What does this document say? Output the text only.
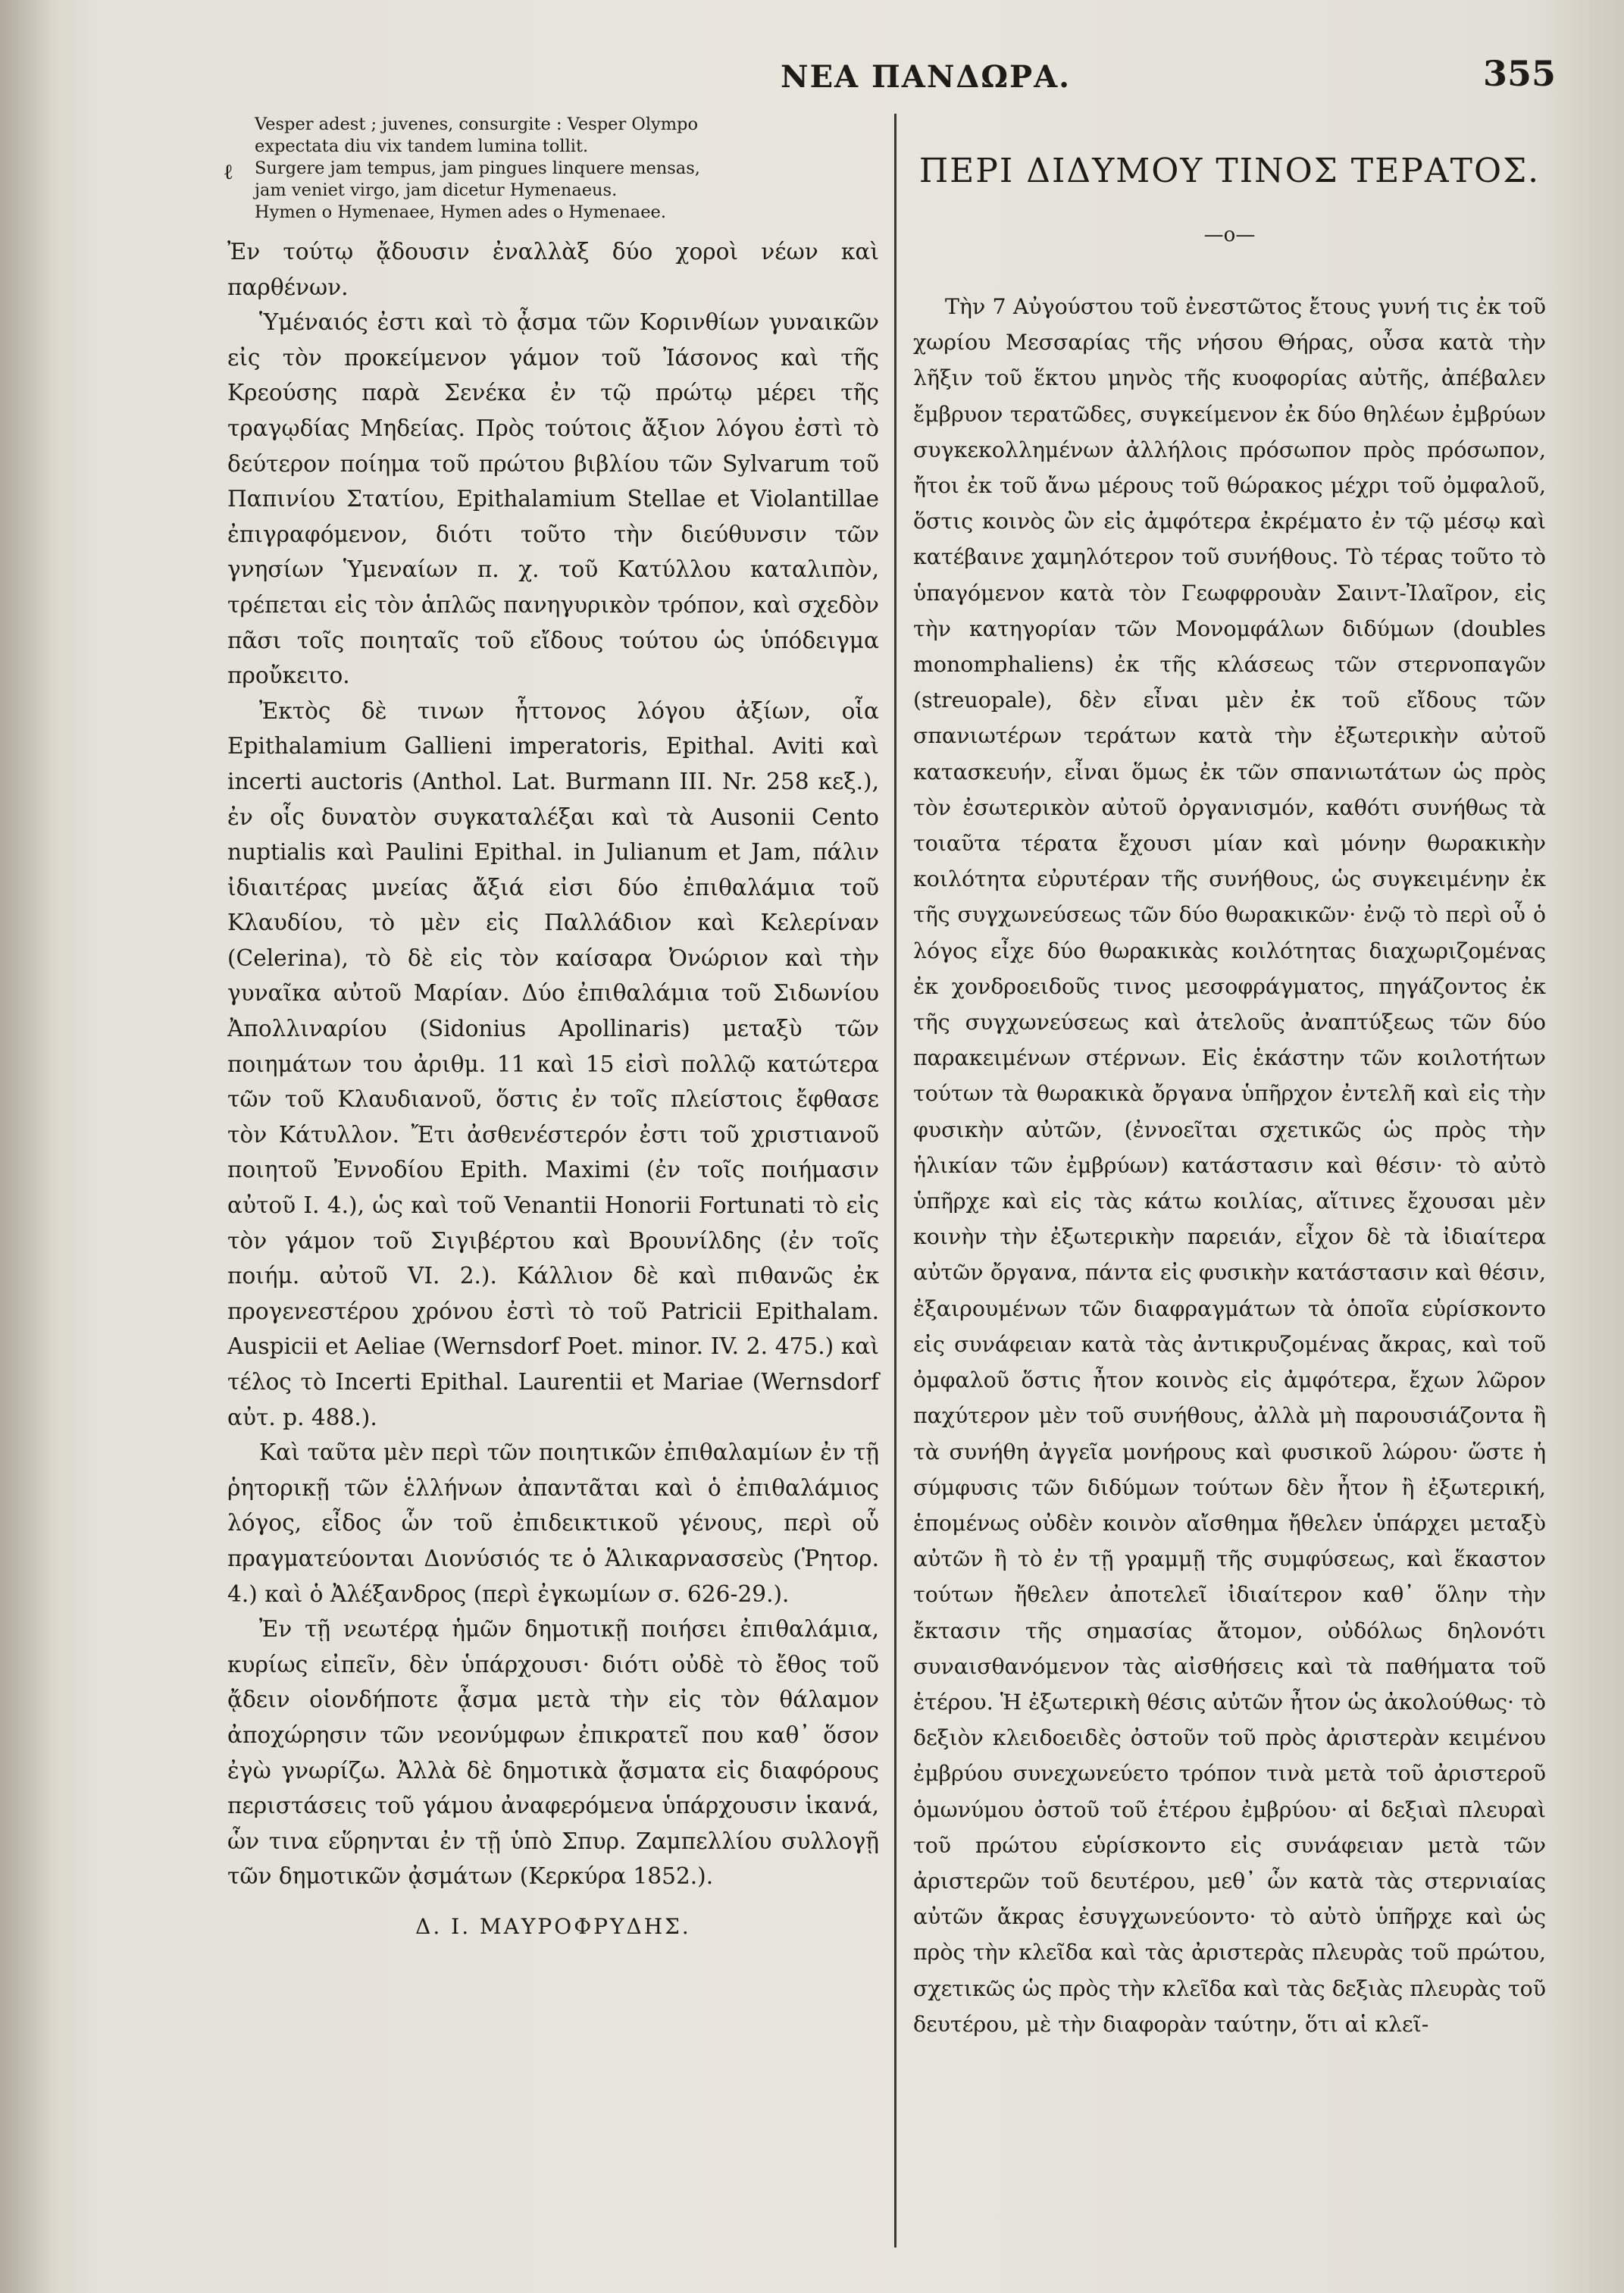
ΝΕΑ ΠΑΝΔΩΡΑ.	355
ℓ
Vesper adest ; juvenes, consurgite : Vesper Olympo
expectata diu vix tandem lumina tollit.
Surgere jam tempus, jam pingues linquere mensas,
jam veniet virgo, jam dicetur Hymenaeus.
Hymen o Hymenaee, Hymen ades o Hymenaee.

Ἐν τούτῳ ᾄδουσιν ἐναλλὰξ δύο χοροὶ νέων καὶ παρθένων.

Ὑμέναιός ἐστι καὶ τὸ ᾆσμα τῶν Κορινθίων γυναικῶν εἰς τὸν προκείμενον γάμον τοῦ Ἰάσονος καὶ τῆς Κρεούσης παρὰ Σενέκα ἐν τῷ πρώτῳ μέρει τῆς τραγῳδίας Μηδείας. Πρὸς τούτοις ἄξιον λόγου ἐστὶ τὸ δεύτερον ποίημα τοῦ πρώτου βιβλίου τῶν Sylvarum τοῦ Παπινίου Στατίου, Epithalamium Stellae et Violantillae ἐπιγραφόμενον, διότι τοῦτο τὴν διεύθυνσιν τῶν γνησίων Ὑμεναίων π. χ. τοῦ Κατύλλου καταλιπὸν, τρέπεται εἰς τὸν ἁπλῶς πανηγυρικὸν τρόπον, καὶ σχεδὸν πᾶσι τοῖς ποιηταῖς τοῦ εἴδους τούτου ὡς ὑπόδειγμα προὔκειτο.

Ἐκτὸς δὲ τινων ἧττονος λόγου ἀξίων, οἷα Epithalamium Gallieni imperatoris, Epithal. Aviti καὶ incerti auctoris (Anthol. Lat. Burmann III. Nr. 258 κεξ.), ἐν οἷς δυνατὸν συγκαταλέξαι καὶ τὰ Ausonii Cento nuptialis καὶ Paulini Epithal. in Julianum et Jam, πάλιν ἰδιαιτέρας μνείας ἄξιά εἰσι δύο ἐπιθαλάμια τοῦ Κλαυδίου, τὸ μὲν εἰς Παλλάδιον καὶ Κελερίναν (Celerina), τὸ δὲ εἰς τὸν καίσαρα Ὀνώριον καὶ τὴν γυναῖκα αὐτοῦ Μαρίαν. Δύο ἐπιθαλάμια τοῦ Σιδωνίου Ἀπολλιναρίου (Sidonius Apollinaris) μεταξὺ τῶν ποιημάτων του ἀριθμ. 11 καὶ 15 εἰσὶ πολλῷ κατώτερα τῶν τοῦ Κλαυδιανοῦ, ὅστις ἐν τοῖς πλείστοις ἔφθασε τὸν Κάτυλλον. Ἔτι ἀσθενέστερόν ἐστι τοῦ χριστιανοῦ ποιητοῦ Ἐννοδίου Epith. Maximi (ἐν τοῖς ποιήμασιν αὐτοῦ I. 4.), ὡς καὶ τοῦ Venantii Honorii Fortunati τὸ εἰς τὸν γάμον τοῦ Σιγιβέρτου καὶ Βρουνίλδης (ἐν τοῖς ποιήμ. αὐτοῦ VI. 2.). Κάλλιον δὲ καὶ πιθανῶς ἐκ προγενεστέρου χρόνου ἐστὶ τὸ τοῦ Patricii Epithalam. Auspicii et Aeliae (Wernsdorf Poet. minor. IV. 2. 475.) καὶ τέλος τὸ Incerti Epithal. Laurentii et Mariae (Wernsdorf αὐτ. p. 488.).

Καὶ ταῦτα μὲν περὶ τῶν ποιητικῶν ἐπιθαλαμίων ἐν τῇ ῥητορικῇ τῶν ἑλλήνων ἀπαντᾶται καὶ ὁ ἐπιθαλάμιος λόγος, εἶδος ὧν τοῦ ἐπιδεικτικοῦ γένους, περὶ οὗ πραγματεύονται Διονύσιός τε ὁ Ἁλικαρνασσεὺς (Ῥητορ. 4.) καὶ ὁ Ἀλέξανδρος (περὶ ἐγκωμίων σ. 626-29.).

Ἐν τῇ νεωτέρᾳ ἡμῶν δημοτικῇ ποιήσει ἐπιθαλάμια, κυρίως εἰπεῖν, δὲν ὑπάρχουσι· διότι οὐδὲ τὸ ἔθος τοῦ ᾄδειν οἱονδήποτε ᾆσμα μετὰ τὴν εἰς τὸν θάλαμον ἀποχώρησιν τῶν νεονύμφων ἐπικρατεῖ που καθ᾽ ὅσον ἐγὼ γνωρίζω. Ἀλλὰ δὲ δημοτικὰ ᾄσματα εἰς διαφόρους περιστάσεις τοῦ γάμου ἀναφερόμενα ὑπάρχουσιν ἱκανά, ὧν τινα εὕρηνται ἐν τῇ ὑπὸ Σπυρ. Ζαμπελλίου συλλογῇ τῶν δημοτικῶν ᾀσμάτων (Κερκύρα 1852.).

Δ. Ι. ΜΑΥΡΟΦΡΥΔΗΣ.
ΠΕΡΙ ΔΙΔΥΜΟΥ ΤΙΝΟΣ ΤΕΡΑΤΟΣ.
—ο—

Τὴν 7 Αὐγούστου τοῦ ἐνεστῶτος ἔτους γυνή τις ἐκ τοῦ χωρίου Μεσσαρίας τῆς νήσου Θήρας, οὖσα κατὰ τὴν λῆξιν τοῦ ἕκτου μηνὸς τῆς κυοφορίας αὐτῆς, ἀπέβαλεν ἔμβρυον τερατῶδες, συγκείμενον ἐκ δύο θηλέων ἐμβρύων συγκεκολλημένων ἀλλήλοις πρόσωπον πρὸς πρόσωπον, ἤτοι ἐκ τοῦ ἄνω μέρους τοῦ θώρακος μέχρι τοῦ ὀμφαλοῦ, ὅστις κοινὸς ὢν εἰς ἀμφότερα ἐκρέματο ἐν τῷ μέσῳ καὶ κατέβαινε χαμηλότερον τοῦ συνήθους. Τὸ τέρας τοῦτο τὸ ὑπαγόμενον κατὰ τὸν Γεωφφρουὰν Σαιντ-Ἰλαῖρον, εἰς τὴν κατηγορίαν τῶν Μονομφάλων διδύμων (doubles monomphaliens) ἐκ τῆς κλάσεως τῶν στερνοπαγῶν (streuopale), δὲν εἶναι μὲν ἐκ τοῦ εἴδους τῶν σπανιωτέρων τεράτων κατὰ τὴν ἐξωτερικὴν αὐτοῦ κατασκευήν, εἶναι ὅμως ἐκ τῶν σπανιωτάτων ὡς πρὸς τὸν ἐσωτερικὸν αὐτοῦ ὀργανισμόν, καθότι συνήθως τὰ τοιαῦτα τέρατα ἔχουσι μίαν καὶ μόνην θωρακικὴν κοιλότητα εὐρυτέραν τῆς συνήθους, ὡς συγκειμένην ἐκ τῆς συγχωνεύσεως τῶν δύο θωρακικῶν· ἐνῷ τὸ περὶ οὗ ὁ λόγος εἶχε δύο θωρακικὰς κοιλότητας διαχωριζομένας ἐκ χονδροειδοῦς τινος μεσοφράγματος, πηγάζοντος ἐκ τῆς συγχωνεύσεως καὶ ἀτελοῦς ἀναπτύξεως τῶν δύο παρακειμένων στέρνων. Εἰς ἑκάστην τῶν κοιλοτήτων τούτων τὰ θωρακικὰ ὄργανα ὑπῆρχον ἐντελῆ καὶ εἰς τὴν φυσικὴν αὐτῶν, (ἐννοεῖται σχετικῶς ὡς πρὸς τὴν ἡλικίαν τῶν ἐμβρύων) κατάστασιν καὶ θέσιν· τὸ αὐτὸ ὑπῆρχε καὶ εἰς τὰς κάτω κοιλίας, αἵτινες ἔχουσαι μὲν κοινὴν τὴν ἐξωτερικὴν παρειάν, εἶχον δὲ τὰ ἰδιαίτερα αὐτῶν ὄργανα, πάντα εἰς φυσικὴν κατάστασιν καὶ θέσιν, ἐξαιρουμένων τῶν διαφραγμάτων τὰ ὁποῖα εὑρίσκοντο εἰς συνάφειαν κατὰ τὰς ἀντικρυζομένας ἄκρας, καὶ τοῦ ὀμφαλοῦ ὅστις ἦτον κοινὸς εἰς ἀμφότερα, ἔχων λῶρον παχύτερον μὲν τοῦ συνήθους, ἀλλὰ μὴ παρουσιάζοντα ἢ τὰ συνήθη ἀγγεῖα μονήρους καὶ φυσικοῦ λώρου· ὥστε ἡ σύμφυσις τῶν διδύμων τούτων δὲν ἦτον ἢ ἐξωτερική, ἑπομένως οὐδὲν κοινὸν αἴσθημα ἤθελεν ὑπάρχει μεταξὺ αὐτῶν ἢ τὸ ἐν τῇ γραμμῇ τῆς συμφύσεως, καὶ ἕκαστον τούτων ἤθελεν ἀποτελεῖ ἰδιαίτερον καθ᾽ ὅλην τὴν ἔκτασιν τῆς σημασίας ἄτομον, οὐδόλως δηλονότι συναισθανόμενον τὰς αἰσθήσεις καὶ τὰ παθήματα τοῦ ἑτέρου. Ἡ ἐξωτερικὴ θέσις αὐτῶν ἦτον ὡς ἀκολούθως· τὸ δεξιὸν κλειδοειδὲς ὀστοῦν τοῦ πρὸς ἀριστερὰν κειμένου ἐμβρύου συνεχωνεύετο τρόπον τινὰ μετὰ τοῦ ἀριστεροῦ ὁμωνύμου ὀστοῦ τοῦ ἑτέρου ἐμβρύου· αἱ δεξιαὶ πλευραὶ τοῦ πρώτου εὑρίσκοντο εἰς συνάφειαν μετὰ τῶν ἀριστερῶν τοῦ δευτέρου, μεθ᾽ ὧν κατὰ τὰς στερνιαίας αὐτῶν ἄκρας ἐσυγχωνεύοντο· τὸ αὐτὸ ὑπῆρχε καὶ ὡς πρὸς τὴν κλεῖδα καὶ τὰς ἀριστερὰς πλευρὰς τοῦ πρώτου, σχετικῶς ὡς πρὸς τὴν κλεῖδα καὶ τὰς δεξιὰς πλευρὰς τοῦ δευτέρου, μὲ τὴν διαφορὰν ταύτην, ὅτι αἱ κλεῖ-
